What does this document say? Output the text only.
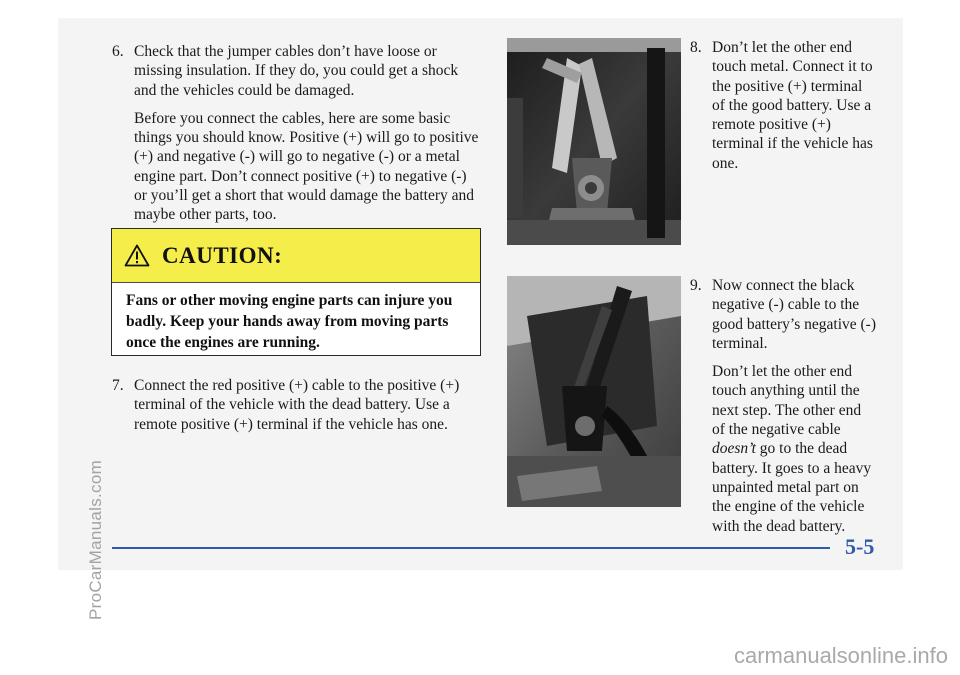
ProCarManuals.com
6. Check that the jumper cables don’t have loose or missing insulation. If they do, you could get a shock and the vehicles could be damaged.
Before you connect the cables, here are some basic things you should know. Positive (+) will go to positive (+) and negative (-) will go to negative (-) or a metal engine part. Don’t connect positive (+) to negative (-) or you’ll get a short that would damage the battery and maybe other parts, too.
CAUTION:
Fans or other moving engine parts can injure you badly. Keep your hands away from moving parts once the engines are running.
7. Connect the red positive (+) cable to the positive (+) terminal of the vehicle with the dead battery. Use a remote positive (+) terminal if the vehicle has one.
8. Don’t let the other end touch metal. Connect it to the positive (+) terminal of the good battery. Use a remote positive (+) terminal if the vehicle has one.
9. Now connect the black negative (-) cable to the good battery’s negative (-) terminal.
Don’t let the other end touch anything until the next step. The other end of the negative cable doesn’t go to the dead battery. It goes to a heavy unpainted metal part on the engine of the vehicle with the dead battery.
5-5
carmanualsonline.info
